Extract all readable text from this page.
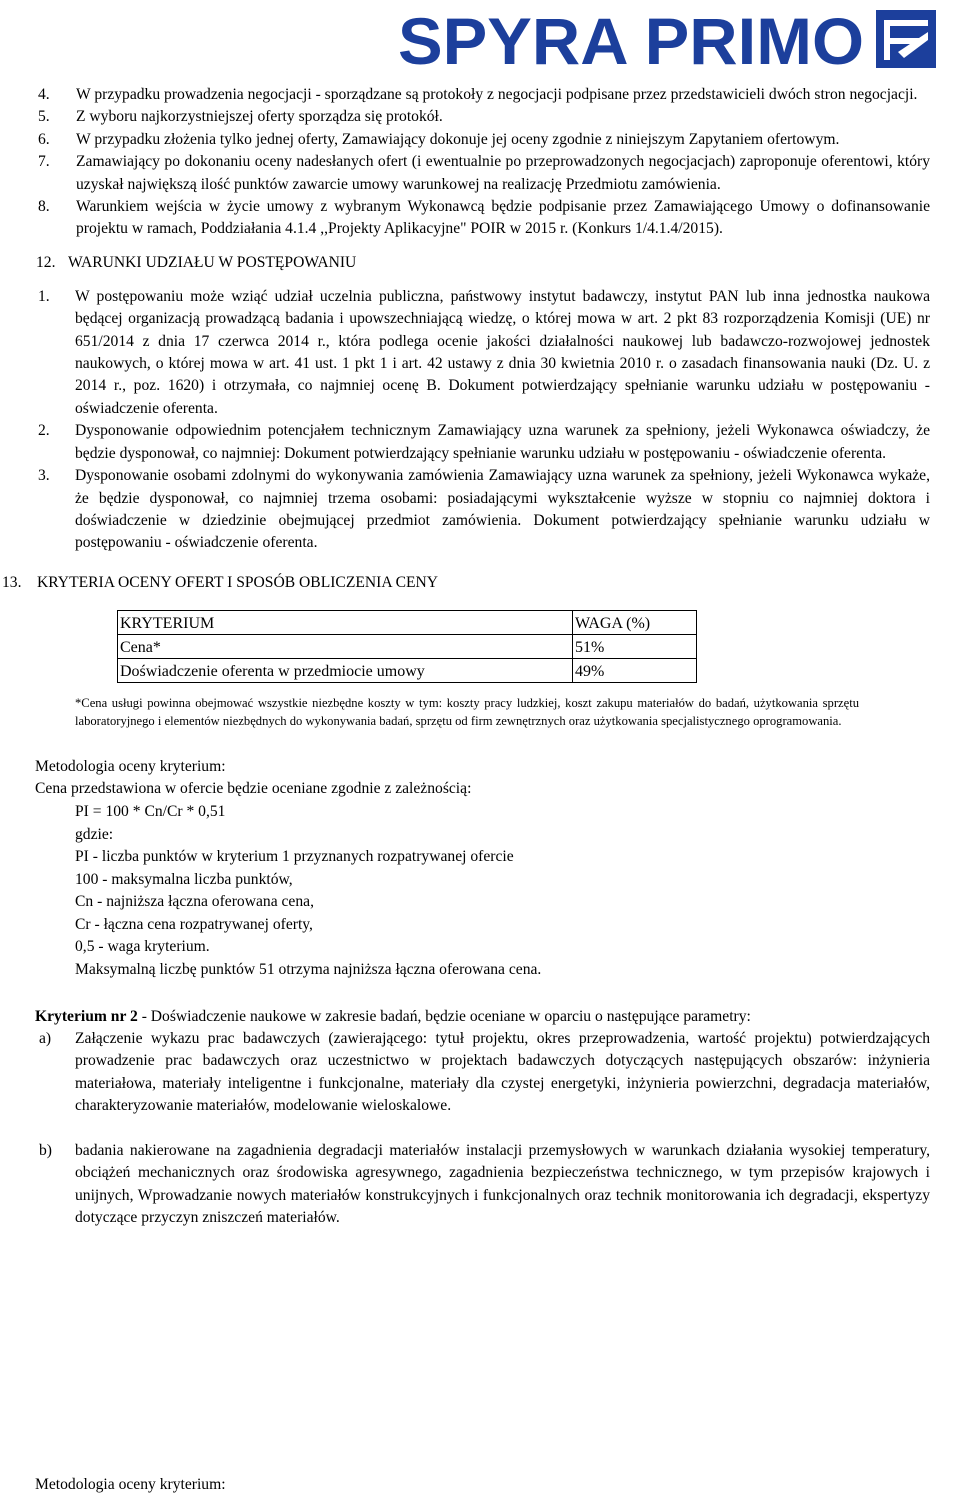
SPYRA PRIMO
4. W przypadku prowadzenia negocjacji - sporządzane są protokoły z negocjacji podpisane przez przedstawicieli dwóch stron negocjacji.
5. Z wyboru najkorzystniejszej oferty sporządza się protokół.
6. W przypadku złożenia tylko jednej oferty, Zamawiający dokonuje jej oceny zgodnie z niniejszym Zapytaniem ofertowym.
7. Zamawiający po dokonaniu oceny nadesłanych ofert (i ewentualnie po przeprowadzonych negocjacjach) zaproponuje oferentowi, który uzyskał największą ilość punktów zawarcie umowy warunkowej na realizację Przedmiotu zamówienia.
8. Warunkiem wejścia w życie umowy z wybranym Wykonawcą będzie podpisanie przez Zamawiającego Umowy o dofinansowanie projektu w ramach, Poddziałania 4.1.4 ,,Projekty Aplikacyjne" POIR w 2015 r. (Konkurs 1/4.1.4/2015).
12. WARUNKI UDZIAŁU W POSTĘPOWANIU
1. W postępowaniu może wziąć udział uczelnia publiczna, państwowy instytut badawczy, instytut PAN lub inna jednostka naukowa będącej organizacją prowadzącą badania i upowszechniającą wiedzę, o której mowa w art. 2 pkt 83 rozporządzenia Komisji (UE) nr 651/2014 z dnia 17 czerwca 2014 r., która podlega ocenie jakości działalności naukowej lub badawczo-rozwojowej jednostek naukowych, o której mowa w art. 41 ust. 1 pkt 1 i art. 42 ustawy z dnia 30 kwietnia 2010 r. o zasadach finansowania nauki (Dz. U. z 2014 r., poz. 1620) i otrzymała, co najmniej ocenę B. Dokument potwierdzający spełnianie warunku udziału w postępowaniu - oświadczenie oferenta.
2. Dysponowanie odpowiednim potencjałem technicznym Zamawiający uzna warunek za spełniony, jeżeli Wykonawca oświadczy, że będzie dysponował, co najmniej: Dokument potwierdzający spełnianie warunku udziału w postępowaniu - oświadczenie oferenta.
3. Dysponowanie osobami zdolnymi do wykonywania zamówienia Zamawiający uzna warunek za spełniony, jeżeli Wykonawca wykaże, że będzie dysponował, co najmniej trzema osobami: posiadającymi wykształcenie wyższe w stopniu co najmniej doktora i doświadczenie w dziedzinie obejmującej przedmiot zamówienia. Dokument potwierdzający spełnianie warunku udziału w postępowaniu - oświadczenie oferenta.
13. KRYTERIA OCENY OFERT I SPOSÓB OBLICZENIA CENY
KRYTERIUM	WAGA (%)
Cena*	51%
Doświadczenie oferenta w przedmiocie umowy	49%

*Cena usługi powinna obejmować wszystkie niezbędne koszty w tym: koszty pracy ludzkiej, koszt zakupu materiałów do badań, użytkowania sprzętu laboratoryjnego i elementów niezbędnych do wykonywania badań, sprzętu od firm zewnętrznych oraz użytkowania specjalistycznego oprogramowania.

Metodologia oceny kryterium:

Cena przedstawiona w ofercie będzie oceniane zgodnie z zależnością:

PI = 100 * Cn/Cr * 0,51

gdzie:

PI - liczba punktów w kryterium 1 przyznanych rozpatrywanej ofercie

100 - maksymalna liczba punktów,

Cn - najniższa łączna oferowana cena,

Cr - łączna cena rozpatrywanej oferty,

0,5 - waga kryterium.

Maksymalną liczbę punktów 51 otrzyma najniższa łączna oferowana cena.

Kryterium nr 2 - Doświadczenie naukowe w zakresie badań, będzie oceniane w oparciu o następujące parametry:

a) Załączenie wykazu prac badawczych (zawierającego: tytuł projektu, okres przeprowadzenia, wartość projektu) potwierdzających prowadzenie prac badawczych oraz uczestnictwo w projektach badawczych dotyczących następujących obszarów: inżynieria materiałowa, materiały inteligentne i funkcjonalne, materiały dla czystej energetyki, inżynieria powierzchni, degradacja materiałów, charakteryzowanie materiałów, modelowanie wieloskalowe.
b) badania nakierowane na zagadnienia degradacji materiałów instalacji przemysłowych w warunkach działania wysokiej temperatury, obciążeń mechanicznych oraz środowiska agresywnego, zagadnienia bezpieczeństwa technicznego, w tym przepisów krajowych i unijnych, Wprowadzanie nowych materiałów konstrukcyjnych i funkcjonalnych oraz technik monitorowania ich degradacji, ekspertyzy dotyczące przyczyn zniszczeń materiałów.

Metodologia oceny kryterium:
